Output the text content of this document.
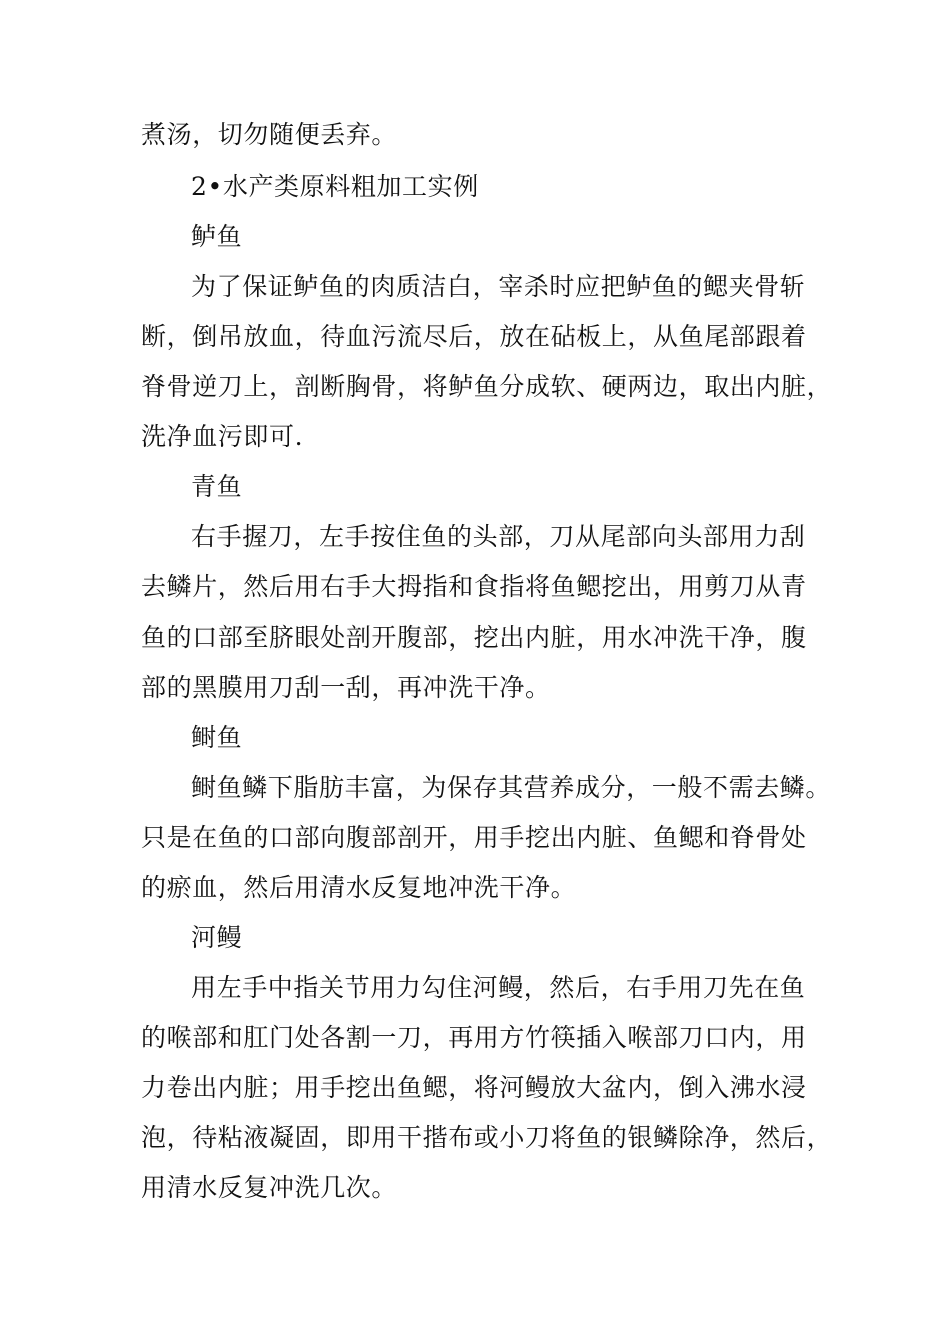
煮汤，切勿随便丢弃。
2•水产类原料粗加工实例
鲈鱼
为了保证鲈鱼的肉质洁白，宰杀时应把鲈鱼的鳃夹骨斩
断，倒吊放血，待血污流尽后，放在砧板上，从鱼尾部跟着
脊骨逆刀上，剖断胸骨，将鲈鱼分成软、硬两边，取出内脏，
洗净血污即可.
青鱼
右手握刀，左手按住鱼的头部，刀从尾部向头部用力刮
去鳞片，然后用右手大拇指和食指将鱼鳃挖出，用剪刀从青
鱼的口部至脐眼处剖开腹部，挖出内脏，用水冲洗干净，腹
部的黑膜用刀刮一刮，再冲洗干净。
鲥鱼
鲥鱼鳞下脂肪丰富，为保存其营养成分，一般不需去鳞。
只是在鱼的口部向腹部剖开，用手挖出内脏、鱼鳃和脊骨处
的瘀血，然后用清水反复地冲洗干净。
河鳗
用左手中指关节用力勾住河鳗，然后，右手用刀先在鱼
的喉部和肛门处各割一刀，再用方竹筷插入喉部刀口内，用
力卷出内脏；用手挖出鱼鳃，将河鳗放大盆内，倒入沸水浸
泡，待粘液凝固，即用干揩布或小刀将鱼的银鳞除净，然后，
用清水反复冲洗几次。
